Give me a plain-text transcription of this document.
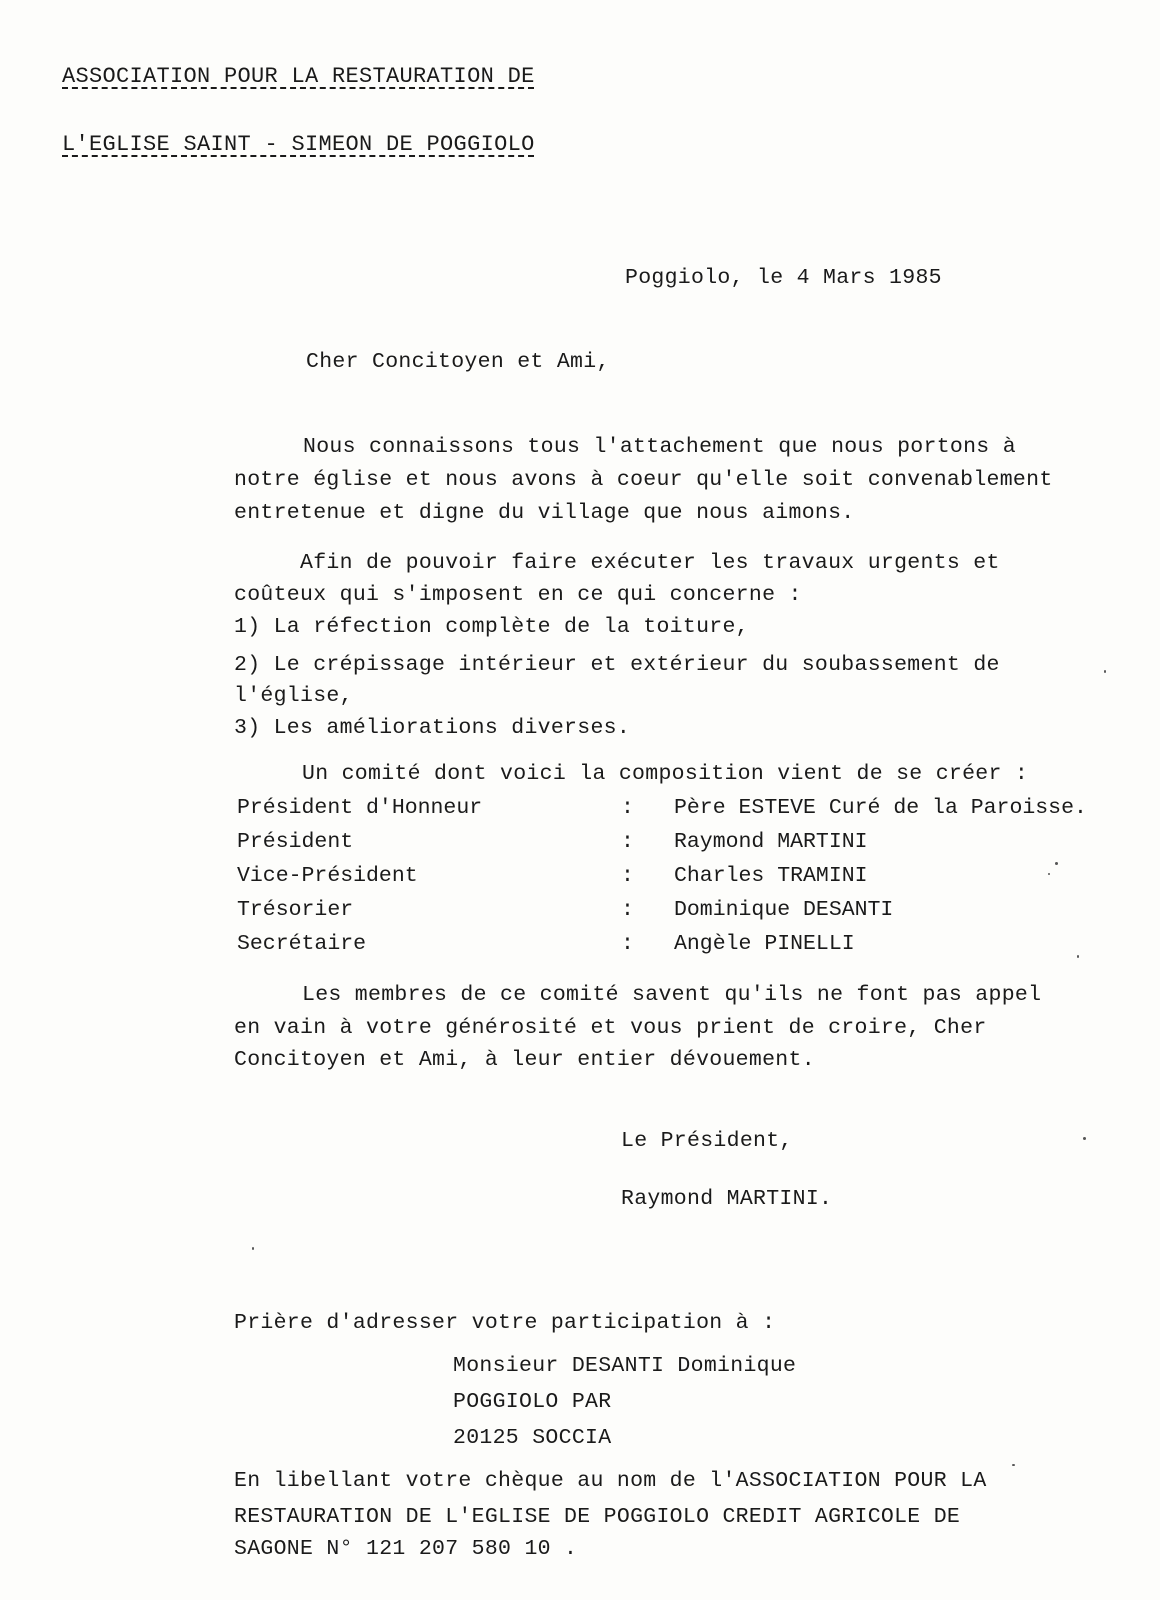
ASSOCIATION POUR LA RESTAURATION DE
L'EGLISE SAINT - SIMEON DE POGGIOLO
Poggiolo, le 4 Mars 1985
Cher Concitoyen et Ami,
Nous connaissons tous l'attachement que nous portons à
notre église et nous avons à coeur qu'elle soit convenablement
entretenue et digne du village que nous aimons.
Afin de pouvoir faire exécuter les travaux urgents et
coûteux qui s'imposent en ce qui concerne :
1) La réfection complète de la toiture,
2) Le crépissage intérieur et extérieur du soubassement de
l'église,
3) Les améliorations diverses.
Un comité dont voici la composition vient de se créer :
Président d'Honneur	: Père ESTEVE Curé de la Paroisse.
Président	: Raymond MARTINI
Vice-Président	: Charles TRAMINI
Trésorier	: Dominique DESANTI
Secrétaire	: Angèle PINELLI
Les membres de ce comité savent qu'ils ne font pas appel
en vain à votre générosité et vous prient de croire, Cher
Concitoyen et Ami, à leur entier dévouement.
Le Président,
Raymond MARTINI.
Prière d'adresser votre participation à :
Monsieur DESANTI Dominique
POGGIOLO PAR
20125 SOCCIA
En libellant votre chèque au nom de l'ASSOCIATION POUR LA
RESTAURATION DE L'EGLISE DE POGGIOLO CREDIT AGRICOLE DE
SAGONE N° 121 207 580 10 .
